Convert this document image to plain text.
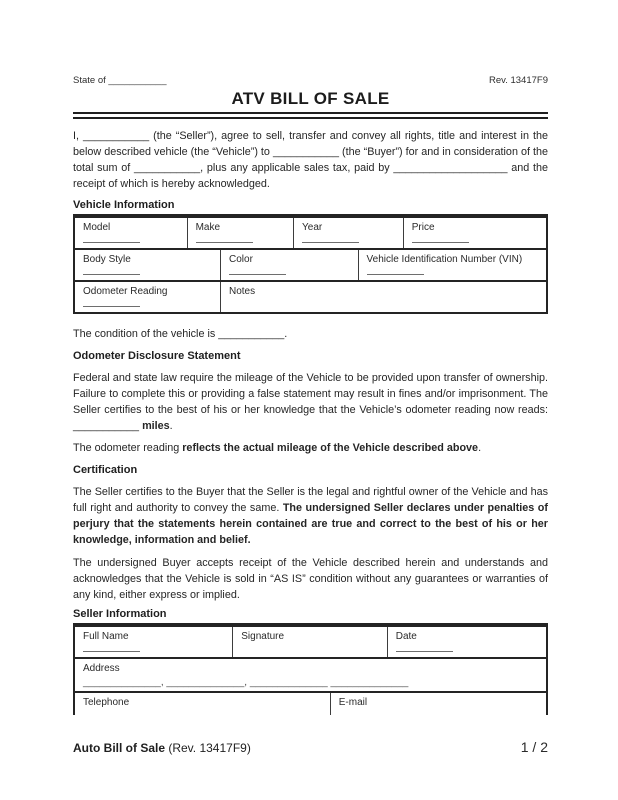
State of ___________	Rev. 13417F9
ATV BILL OF SALE

I, ___________ (the “Seller”), agree to sell, transfer and convey all rights, title and interest in the below described vehicle (the “Vehicle”) to ___________ (the “Buyer”) for and in consideration of the total sum of ___________, plus any applicable sales tax, paid by ___________________ and the receipt of which is hereby acknowledged.

Vehicle Information
Model	Make	Year	Price
Body Style	Color	Vehicle Identification Number (VIN)
Odometer Reading	Notes

The condition of the vehicle is ___________.

Odometer Disclosure Statement

Federal and state law require the mileage of the Vehicle to be provided upon transfer of ownership. Failure to complete this or providing a false statement may result in fines and/or imprisonment. The Seller certifies to the best of his or her knowledge that the Vehicle’s odometer reading now reads: ___________ miles.

The odometer reading reflects the actual mileage of the Vehicle described above.

Certification

The Seller certifies to the Buyer that the Seller is the legal and rightful owner of the Vehicle and has full right and authority to convey the same. The undersigned Seller declares under penalties of perjury that the statements herein contained are true and correct to the best of his or her knowledge, information and belief.

The undersigned Buyer accepts receipt of the Vehicle described herein and understands and acknowledges that the Vehicle is sold in “AS IS” condition without any guarantees or warranties of any kind, either express or implied.

Seller Information
Full Name	Signature	Date
Address
______________, ______________, ______________ ______________
Telephone	E-mail
Auto Bill of Sale (Rev. 13417F9)	1 / 2
